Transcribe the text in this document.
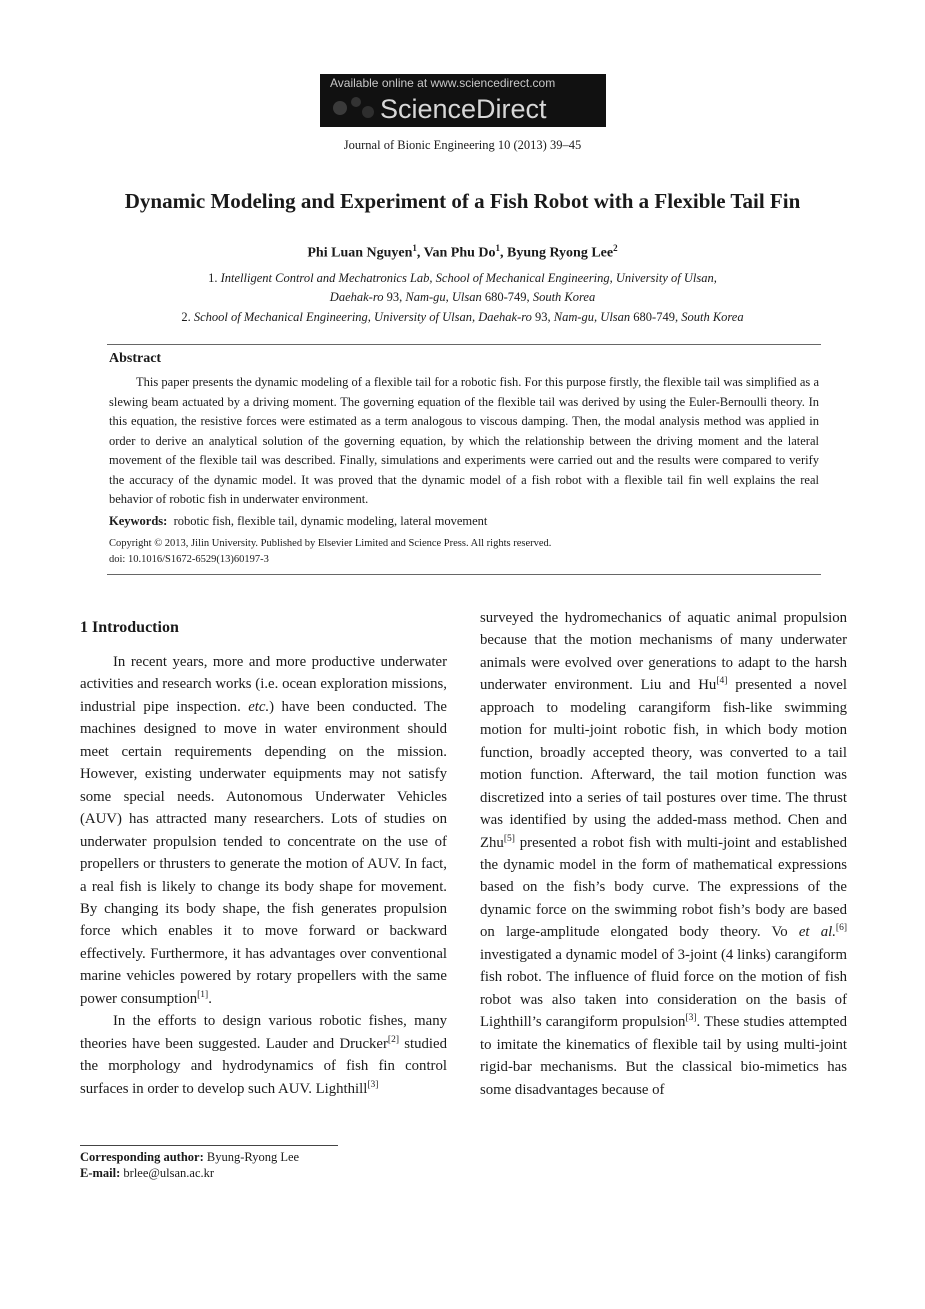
Available online at www.sciencedirect.com
ScienceDirect
Journal of Bionic Engineering 10 (2013) 39–45
Dynamic Modeling and Experiment of a Fish Robot with a Flexible Tail Fin
Phi Luan Nguyen$^1$, Van Phu Do$^1$, Byung Ryong Lee$^2$
1. Intelligent Control and Mechatronics Lab, School of Mechanical Engineering, University of Ulsan,
Daehak-ro 93, Nam-gu, Ulsan 680-749, South Korea
2. School of Mechanical Engineering, University of Ulsan, Daehak-ro 93, Nam-gu, Ulsan 680-749, South Korea
Abstract
This paper presents the dynamic modeling of a flexible tail for a robotic fish. For this purpose firstly, the flexible tail was simplified as a slewing beam actuated by a driving moment. The governing equation of the flexible tail was derived by using the Euler-Bernoulli theory. In this equation, the resistive forces were estimated as a term analogous to viscous damping. Then, the modal analysis method was applied in order to derive an analytical solution of the governing equation, by which the relationship between the driving moment and the lateral movement of the flexible tail was described. Finally, simulations and experiments were carried out and the results were compared to verify the accuracy of the dynamic model. It was proved that the dynamic model of a fish robot with a flexible tail fin well explains the real behavior of robotic fish in underwater environment.
Keywords: robotic fish, flexible tail, dynamic modeling, lateral movement
Copyright © 2013, Jilin University. Published by Elsevier Limited and Science Press. All rights reserved.
doi: 10.1016/S1672-6529(13)60197-3
1 Introduction

In recent years, more and more productive underwater activities and research works (i.e. ocean exploration missions, industrial pipe inspection. etc.) have been conducted. The machines designed to move in water environment should meet certain requirements depending on the mission. However, existing underwater equipments may not satisfy some special needs. Autonomous Underwater Vehicles (AUV) has attracted many researchers. Lots of studies on underwater propulsion tended to concentrate on the use of propellers or thrusters to generate the motion of AUV. In fact, a real fish is likely to change its body shape for movement. By changing its body shape, the fish generates propulsion force which enables it to move forward or backward effectively. Furthermore, it has advantages over conventional marine vehicles powered by rotary propellers with the same power consumption[1].

In the efforts to design various robotic fishes, many theories have been suggested. Lauder and Drucker[2] studied the morphology and hydrodynamics of fish fin control surfaces in order to develop such AUV. Lighthill[3]

surveyed the hydromechanics of aquatic animal propulsion because that the motion mechanisms of many underwater animals were evolved over generations to adapt to the harsh underwater environment. Liu and Hu[4] presented a novel approach to modeling carangiform fish-like swimming motion for multi-joint robotic fish, in which body motion function, broadly accepted theory, was converted to a tail motion function. Afterward, the tail motion function was discretized into a series of tail postures over time. The thrust was identified by using the added-mass method. Chen and Zhu[5] presented a robot fish with multi-joint and established the dynamic model in the form of mathematical expressions based on the fish’s body curve. The expressions of the dynamic force on the swimming robot fish’s body are based on large-amplitude elongated body theory. Vo et al.[6] investigated a dynamic model of 3-joint (4 links) carangiform fish robot. The influence of fluid force on the motion of fish robot was also taken into consideration on the basis of Lighthill’s carangiform propulsion[3]. These studies attempted to imitate the kinematics of flexible tail by using multi-joint rigid-bar mechanisms. But the classical bio-mimetics has some disadvantages because of

Corresponding author: Byung-Ryong Lee
E-mail: brlee@ulsan.ac.kr
